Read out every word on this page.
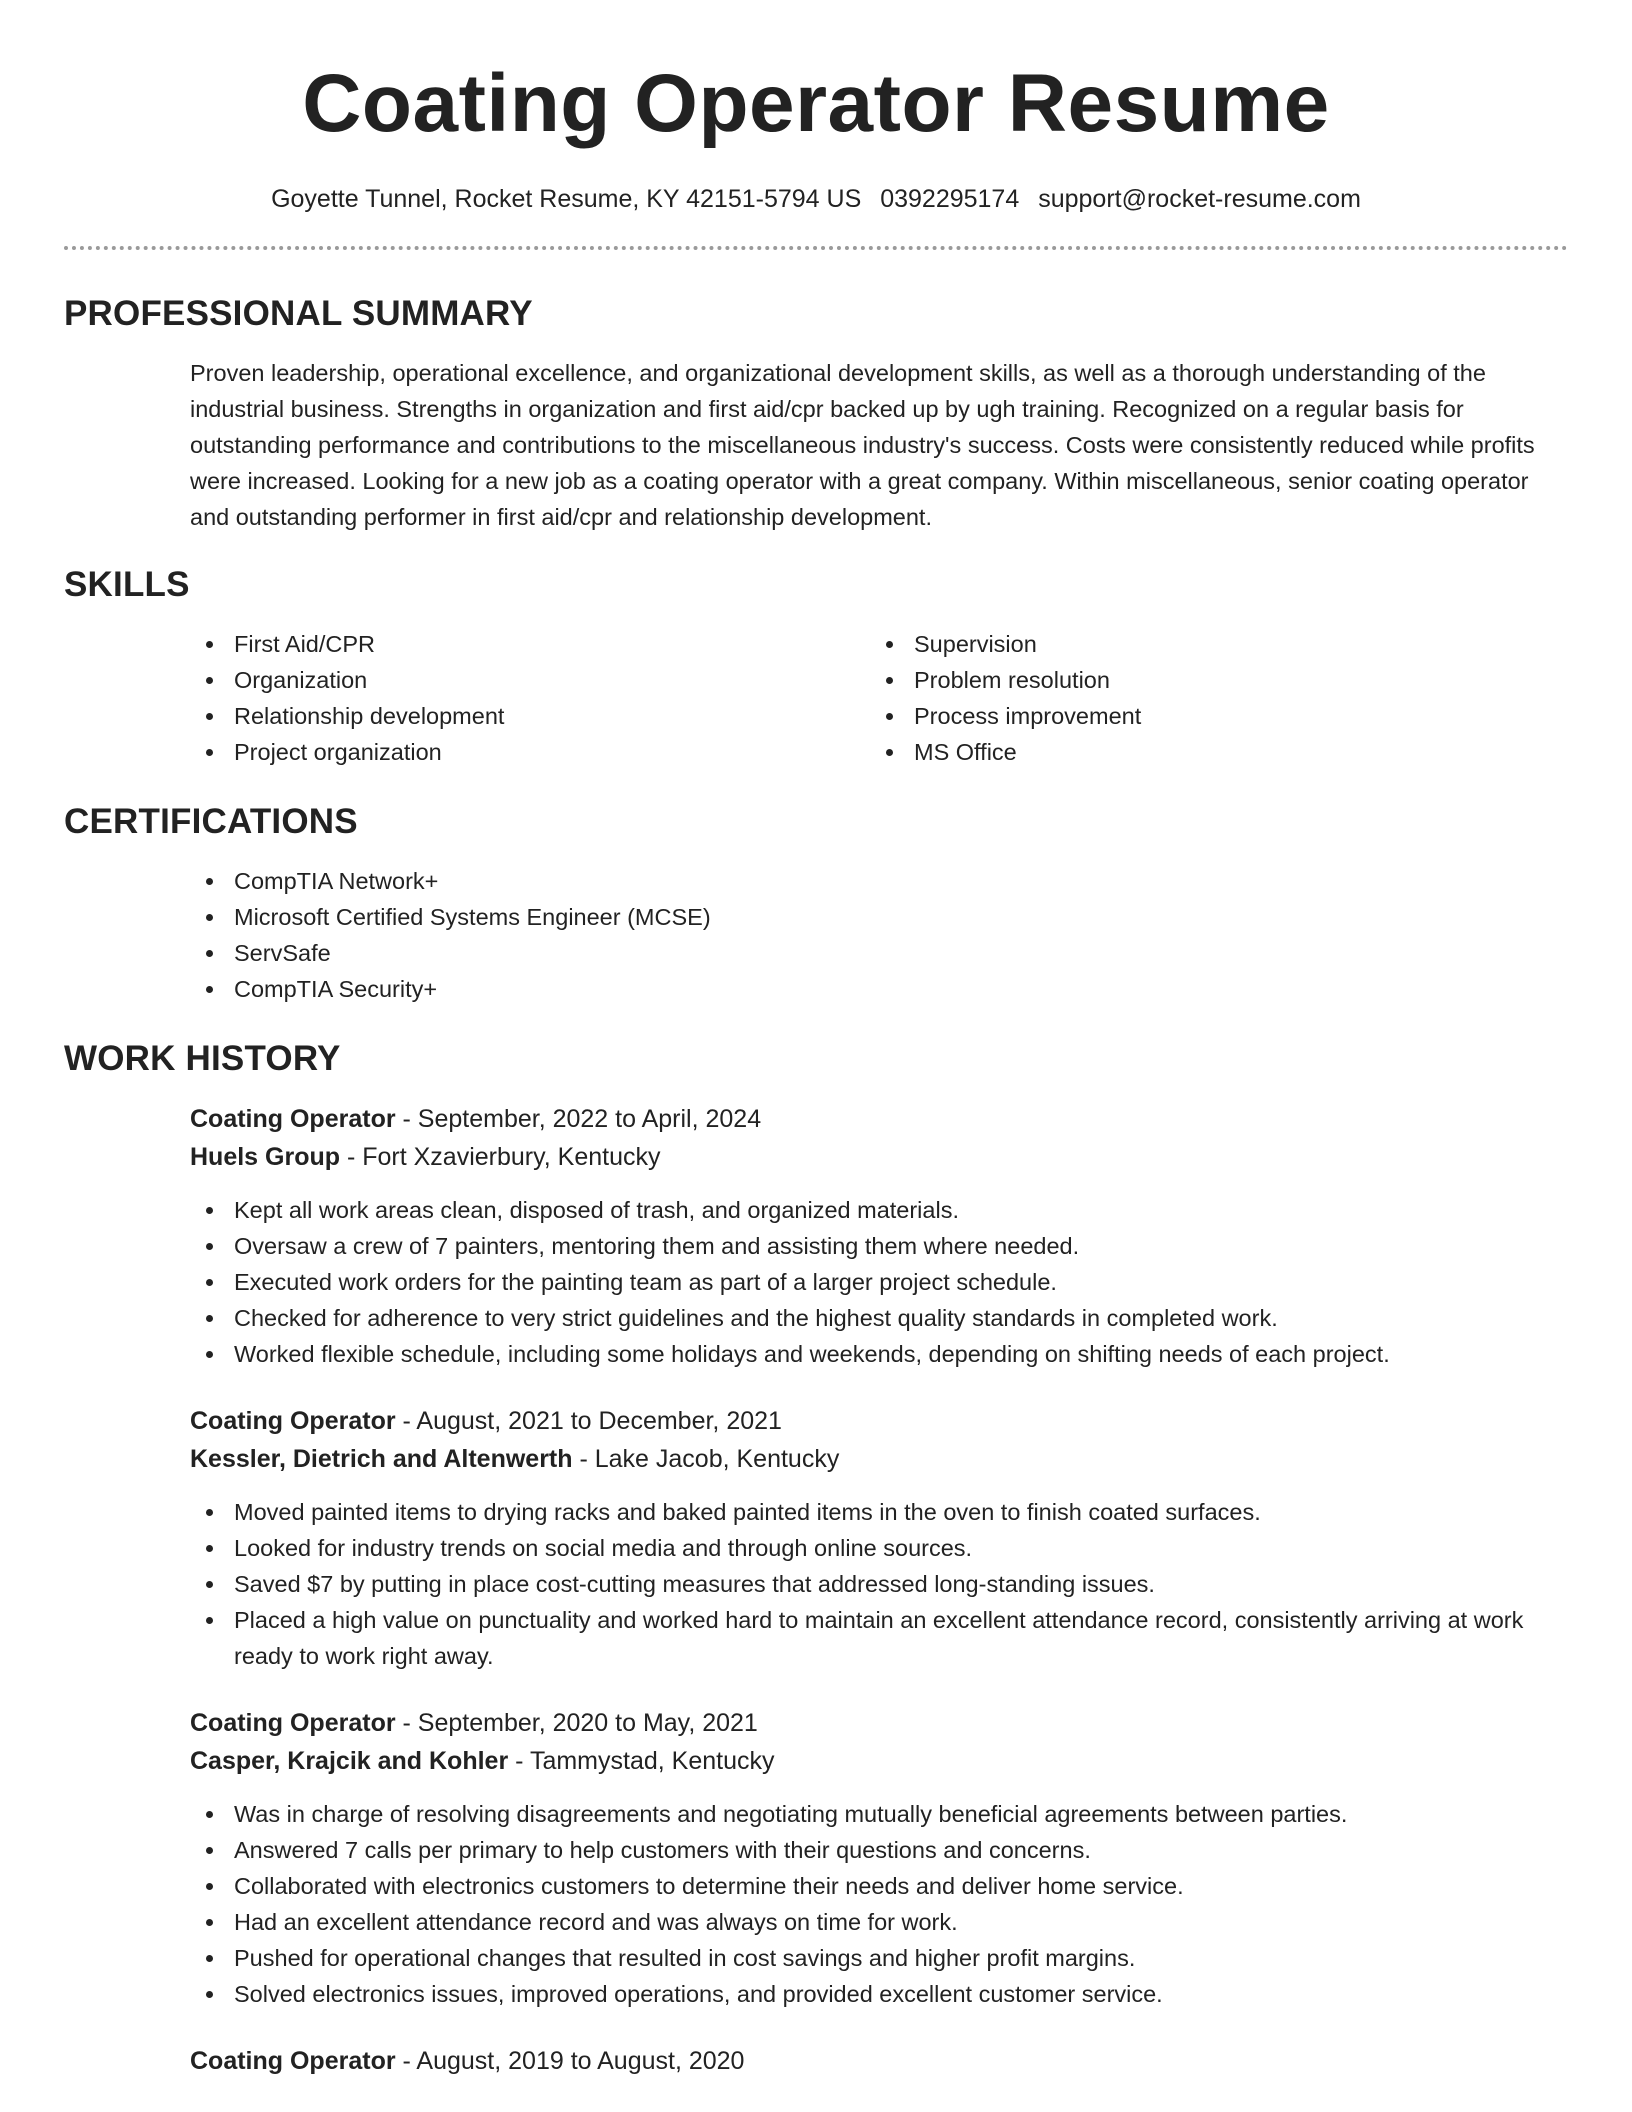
Coating Operator Resume
Goyette Tunnel, Rocket Resume, KY 42151-5794 US 0392295174 support@rocket-resume.com
PROFESSIONAL SUMMARY

Proven leadership, operational excellence, and organizational development skills, as well as a thorough understanding of the industrial business. Strengths in organization and first aid/cpr backed up by ugh training. Recognized on a regular basis for outstanding performance and contributions to the miscellaneous industry's success. Costs were consistently reduced while profits were increased. Looking for a new job as a coating operator with a great company. Within miscellaneous, senior coating operator and outstanding performer in first aid/cpr and relationship development.

SKILLS
First Aid/CPR
Organization
Relationship development
Project organization
Supervision
Problem resolution
Process improvement
MS Office
CERTIFICATIONS
CompTIA Network+
Microsoft Certified Systems Engineer (MCSE)
ServSafe
CompTIA Security+
WORK HISTORY
Coating Operator - September, 2022 to April, 2024
Huels Group - Fort Xzavierbury, Kentucky
Kept all work areas clean, disposed of trash, and organized materials.
Oversaw a crew of 7 painters, mentoring them and assisting them where needed.
Executed work orders for the painting team as part of a larger project schedule.
Checked for adherence to very strict guidelines and the highest quality standards in completed work.
Worked flexible schedule, including some holidays and weekends, depending on shifting needs of each project.
Coating Operator - August, 2021 to December, 2021
Kessler, Dietrich and Altenwerth - Lake Jacob, Kentucky
Moved painted items to drying racks and baked painted items in the oven to finish coated surfaces.
Looked for industry trends on social media and through online sources.
Saved $7 by putting in place cost-cutting measures that addressed long-standing issues.
Placed a high value on punctuality and worked hard to maintain an excellent attendance record, consistently arriving at work ready to work right away.
Coating Operator - September, 2020 to May, 2021
Casper, Krajcik and Kohler - Tammystad, Kentucky
Was in charge of resolving disagreements and negotiating mutually beneficial agreements between parties.
Answered 7 calls per primary to help customers with their questions and concerns.
Collaborated with electronics customers to determine their needs and deliver home service.
Had an excellent attendance record and was always on time for work.
Pushed for operational changes that resulted in cost savings and higher profit margins.
Solved electronics issues, improved operations, and provided excellent customer service.
Coating Operator - August, 2019 to August, 2020
